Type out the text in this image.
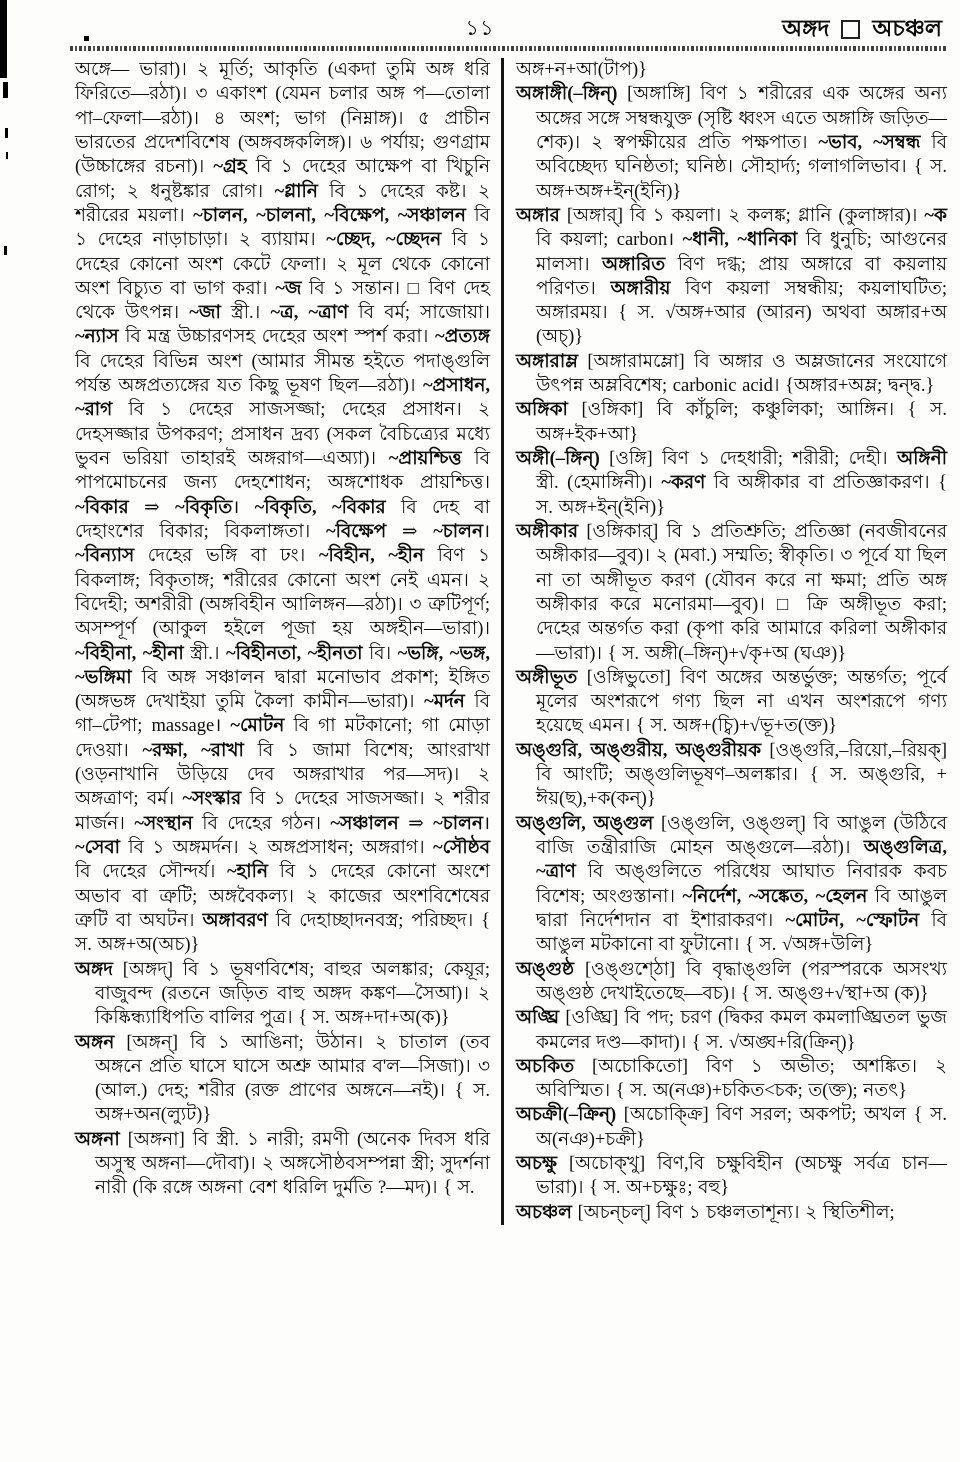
১১	অঙ্গদ অচঞ্চল

অঙ্গে— ভারা)। ২ মূর্তি; আকৃতি (একদা তুমি অঙ্গ ধরি ফিরিতে—রঠা)। ৩ একাংশ (যেমন চলার অঙ্গ প—তোলা পা–ফেলা—রঠা)। ৪ অংশ; ভাগ (নিম্নাঙ্গ)। ৫ প্রাচীন ভারতের প্রদেশবিশেষ (অঙ্গবঙ্গকলিঙ্গ)। ৬ পর্যায়; গুণগ্রাম (উচ্চাঙ্গের রচনা)। ~গ্রহ বি ১ দেহের আক্ষেপ বা খিচুনি রোগ; ২ ধনুষ্টঙ্কার রোগ। ~গ্লানি বি ১ দেহের কষ্ট। ২ শরীরের ময়লা। ~চালন, ~চালনা, ~বিক্ষেপ, ~সঞ্চালন বি ১ দেহের নাড়াচাড়া। ২ ব্যায়াম। ~চ্ছেদ, ~চ্ছেদন বি ১ দেহের কোনো অংশ কেটে ফেলা। ২ মূল থেকে কোনো অংশ বিচ্যুত বা ভাগ করা। ~জ বি ১ সন্তান। □ বিণ দেহ থেকে উৎপন্ন। ~জা স্ত্রী.। ~ত্র, ~ত্রাণ বি বর্ম; সাজোয়া। ~ন্যাস বি মন্ত্র উচ্চারণসহ দেহের অংশ স্পর্শ করা। ~প্রত্যঙ্গ বি দেহের বিভিন্ন অংশ (আমার সীমন্ত হইতে পদাঙ্গুলি পর্যন্ত অঙ্গপ্রত্যঙ্গের যত কিছু ভূষণ ছিল—রঠা)। ~প্রসাধন, ~রাগ বি ১ দেহের সাজসজ্জা; দেহের প্রসাধন। ২ দেহসজ্জার উপকরণ; প্রসাধন দ্রব্য (সকল বৈচিত্র্যের মধ্যে ভুবন ভরিয়া তাহারই অঙ্গরাগ—এঅ্যা)। ~প্রায়শ্চিত্ত বি পাপমোচনের জন্য দেহশোধন; অঙ্গশোধক প্রায়শ্চিত্ত। ~বিকার ⇒ ~বিকৃতি। ~বিকৃতি, ~বিকার বি দেহ বা দেহাংশের বিকার; বিকলাঙ্গতা। ~বিক্ষেপ ⇒ ~চালন। ~বিন্যাস দেহের ভঙ্গি বা ঢং। ~বিহীন, ~হীন বিণ ১ বিকলাঙ্গ; বিকৃতাঙ্গ; শরীরের কোনো অংশ নেই এমন। ২ বিদেহী; অশরীরী (অঙ্গবিহীন আলিঙ্গন—রঠা)। ৩ ত্রুটিপূর্ণ; অসম্পূর্ণ (আকুল হইলে পূজা হয় অঙ্গহীন—ভারা)। ~বিহীনা, ~হীনা স্ত্রী.। ~বিহীনতা, ~হীনতা বি। ~ভঙ্গি, ~ভঙ্গ, ~ভঙ্গিমা বি অঙ্গ সঞ্চালন দ্বারা মনোভাব প্রকাশ; ইঙ্গিত (অঙ্গভঙ্গ দেখাইয়া তুমি কৈলা কামীন—ভারা)। ~মর্দন বি গা–টেপা; massage। ~মোটন বি গা মটকানো; গা মোড়া দেওয়া। ~রক্ষা, ~রাখা বি ১ জামা বিশেষ; আংরাখা (ওড়নাখানি উড়িয়ে দেব অঙ্গরাখার পর—সদ)। ২ অঙ্গত্রাণ; বর্ম। ~সংস্কার বি ১ দেহের সাজসজ্জা। ২ শরীর মার্জন। ~সংস্থান বি দেহের গঠন। ~সঞ্চালন ⇒ ~চালন। ~সেবা বি ১ অঙ্গমর্দন। ২ অঙ্গপ্রসাধন; অঙ্গরাগ। ~সৌষ্ঠব বি দেহের সৌন্দর্য। ~হানি বি ১ দেহের কোনো অংশে অভাব বা ত্রুটি; অঙ্গবৈকল্য। ২ কাজের অংশবিশেষের ত্রুটি বা অঘটন। অঙ্গাবরণ বি দেহাচ্ছাদনবস্ত্র; পরিচ্ছদ। { স. অঙ্গ+অ(অচ)}

অঙ্গদ [অঙ্গদ্] বি ১ ভূষণবিশেষ; বাহুর অলঙ্কার; কেয়ূর; বাজুবন্দ (রতনে জড়িত বাহু অঙ্গদ কঙ্কণ—সৈআ)। ২ কিষ্কিন্ধ্যাধিপতি বালির পুত্র। { স. অঙ্গ+দা+অ(ক)}

অঙ্গন [অঙ্গন্] বি ১ আঙিনা; উঠান। ২ চাতাল (তব অঙ্গনে প্রতি ঘাসে ঘাসে অশ্রু আমার ব'ল—সিজা)। ৩ (আল.) দেহ; শরীর (রক্ত প্রাণের অঙ্গনে—নই)। { স. অঙ্গ+অন(ল্যুট)}

অঙ্গনা [অঙ্গনা] বি স্ত্রী. ১ নারী; রমণী (অনেক দিবস ধরি অসুস্থ অঙ্গনা—দৌবা)। ২ অঙ্গসৌষ্ঠবসম্পন্না স্ত্রী; সুদর্শনা নারী (কি রঙ্গে অঙ্গনা বেশ ধরিলি দুর্মতি ?—মদ)। { স.

অঙ্গ+ন+আ(টাপ)}

অঙ্গাঙ্গী(–ঙ্গিন্) [অঙ্গাঙ্গি] বিণ ১ শরীরের এক অঙ্গের অন্য অঙ্গের সঙ্গে সম্বন্ধযুক্ত (সৃষ্টি ধ্বংস এতে অঙ্গাঙ্গি জড়িত—শেক)। ২ স্বপক্ষীয়ের প্রতি পক্ষপাত। ~ভাব, ~সম্বন্ধ বি অবিচ্ছেদ্য ঘনিষ্ঠতা; ঘনিষ্ঠ। সৌহার্দ্য; গলাগলিভাব। { স. অঙ্গ+অঙ্গ+ইন্(ইনি)}

অঙ্গার [অঙ্গার্] বি ১ কয়লা। ২ কলঙ্ক; গ্লানি (কুলাঙ্গার)। ~ক বি কয়লা; carbon। ~ধানী, ~ধানিকা বি ধুনুচি; আগুনের মালসা। অঙ্গারিত বিণ দগ্ধ; প্রায় অঙ্গারে বা কয়লায় পরিণত। অঙ্গারীয় বিণ কয়লা সম্বন্ধীয়; কয়লাঘটিত; অঙ্গারময়। { স. √অঙ্গ+আর (আরন) অথবা অঙ্গার+অ (অচ্)}

অঙ্গারাম্ল [অঙ্গারামম্লো] বি অঙ্গার ও অম্লজানের সংযোগে উৎপন্ন অম্লবিশেষ; carbonic acid। {অঙ্গার+অম্ল; দ্বন্দ্ব.}

অঙ্গিকা [ওঙ্গিকা] বি কাঁচুলি; কঞ্চুলিকা; আঙ্গিন। { স. অঙ্গ+ইক+আ}

অঙ্গী(–ঙ্গিন্) [ওঙ্গি] বিণ ১ দেহধারী; শরীরী; দেহী। অঙ্গিনী স্ত্রী. (হেমাঙ্গিনী)। ~করণ বি অঙ্গীকার বা প্রতিজ্ঞাকরণ। { স. অঙ্গ+ইন্(ইনি)}

অঙ্গীকার [ওঙ্গিকার্] বি ১ প্রতিশ্রুতি; প্রতিজ্ঞা (নবজীবনের অঙ্গীকার—বুব)। ২ (মবা.) সম্মতি; স্বীকৃতি। ৩ পূর্বে যা ছিল না তা অঙ্গীভূত করণ (যৌবন করে না ক্ষমা; প্রতি অঙ্গ অঙ্গীকার করে মনোরমা—বুব)। □ ক্রি অঙ্গীভূত করা; দেহের অন্তর্গত করা (কৃপা করি আমারে করিলা অঙ্গীকার—ভারা)। { স. অঙ্গী(–ঙ্গিন্)+√কৃ+অ (ঘঞ)}

অঙ্গীভূত [ওঙ্গিভুতো] বিণ অঙ্গের অন্তর্ভুক্ত; অন্তর্গত; পূর্বে মূলের অংশরূপে গণ্য ছিল না এখন অংশরূপে গণ্য হয়েছে এমন। { স. অঙ্গ+(চ্বি)+√ভূ+ত(ক্ত)}

অঙ্গুরি, অঙ্গুরীয়, অঙ্গুরীয়ক [ওঙ্গুরি,–রিয়ো,–রিয়ক্] বি আংটি; অঙ্গুলিভূষণ–অলঙ্কার। { স. অঙ্গুরি, + ঈয়(ছ),+ক(কন্)}

অঙ্গুলি, অঙ্গুল [ওঙ্গুলি, ওঙ্গুল্] বি আঙুল (উঠিবে বাজি তন্ত্রীরাজি মোহন অঙ্গুলে—রঠা)। অঙ্গুলিত্র, ~ত্রাণ বি অঙ্গুলিতে পরিধেয় আঘাত নিবারক কবচ বিশেষ; অংগুস্তানা। ~নির্দেশ, ~সঙ্কেত, ~হেলন বি আঙুল দ্বারা নির্দেশদান বা ইশারাকরণ। ~মোটন, ~স্ফোটন বি আঙুল মটকানো বা ফুটানো। { স. √অঙ্গ+উলি}

অঙ্গুষ্ঠ [ওঙ্গুশ্ঠো] বি বৃদ্ধাঙ্গুলি (পরস্পরকে অসংখ্য অঙ্গুষ্ঠ দেখাইতেছে—বচ)। { স. অঙ্গু+√স্থা+অ (ক)}

অঙ্ঘ্রি [ওঙ্ঘ্রি] বি পদ; চরণ (দ্বিকর কমল কমলাঙ্ঘ্রিতল ভুজ কমলের দণ্ড—কাদা)। { স. √অঙ্ঘ+রি(ক্রিন্)}

অচকিত [অচোকিতো] বিণ ১ অভীত; অশঙ্কিত। ২ অবিস্মিত। { স. অ(নঞ)+চকিত<চক; ত(ক্ত); নতৎ}

অচক্রী(–ক্রিন্) [অচোক্ক্রি] বিণ সরল; অকপট; অখল { স. অ(নঞ)+চক্রী}

অচক্ষু [অচোক্খু] বিণ,বি চক্ষুবিহীন (অচক্ষু সর্বত্র চান—ভারা)। { স. অ+চক্ষুঃ; বহু}

অচঞ্চল [অচন্চল্] বিণ ১ চঞ্চলতাশূন্য। ২ স্থিতিশীল;
